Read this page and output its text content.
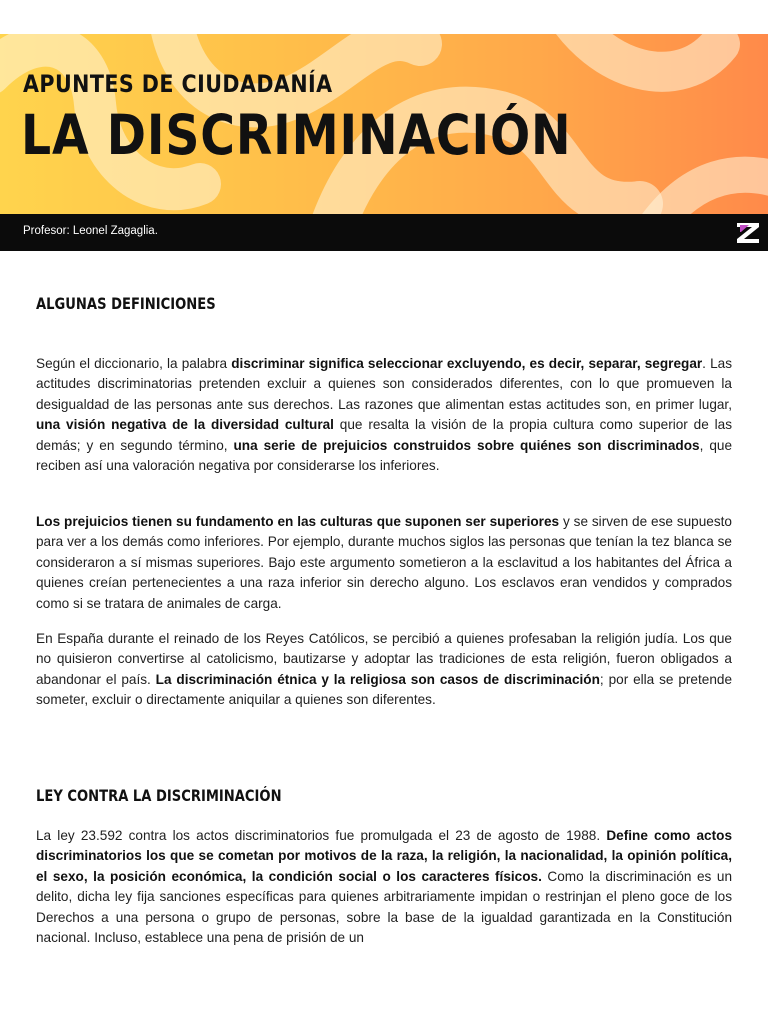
APUNTES DE CIUDADANÍA
LA DISCRIMINACIÓN
Profesor: Leonel Zagaglia.
ALGUNAS DEFINICIONES
Según el diccionario, la palabra discriminar significa seleccionar excluyendo, es decir, separar, segregar. Las actitudes discriminatorias pretenden excluir a quienes son considerados diferentes, con lo que promueven la desigualdad de las personas ante sus derechos. Las razones que alimentan estas actitudes son, en primer lugar, una visión negativa de la diversidad cultural que resalta la visión de la propia cultura como superior de las demás; y en segundo término, una serie de prejuicios construidos sobre quiénes son discriminados, que reciben así una valoración negativa por considerarse los inferiores.
Los prejuicios tienen su fundamento en las culturas que suponen ser superiores y se sirven de ese supuesto para ver a los demás como inferiores. Por ejemplo, durante muchos siglos las personas que tenían la tez blanca se consideraron a sí mismas superiores. Bajo este argumento sometieron a la esclavitud a los habitantes del África a quienes creían pertenecientes a una raza inferior sin derecho alguno. Los esclavos eran vendidos y comprados como si se tratara de animales de carga.
En España durante el reinado de los Reyes Católicos, se percibió a quienes profesaban la religión judía. Los que no quisieron convertirse al catolicismo, bautizarse y adoptar las tradiciones de esta religión, fueron obligados a abandonar el país. La discriminación étnica y la religiosa son casos de discriminación; por ella se pretende someter, excluir o directamente aniquilar a quienes son diferentes.
LEY CONTRA LA DISCRIMINACIÓN
La ley 23.592 contra los actos discriminatorios fue promulgada el 23 de agosto de 1988. Define como actos discriminatorios los que se cometan por motivos de la raza, la religión, la nacionalidad, la opinión política, el sexo, la posición económica, la condición social o los caracteres físicos. Como la discriminación es un delito, dicha ley fija sanciones específicas para quienes arbitrariamente impidan o restrinjan el pleno goce de los Derechos a una persona o grupo de personas, sobre la base de la igualdad garantizada en la Constitución nacional. Incluso, establece una pena de prisión de un
